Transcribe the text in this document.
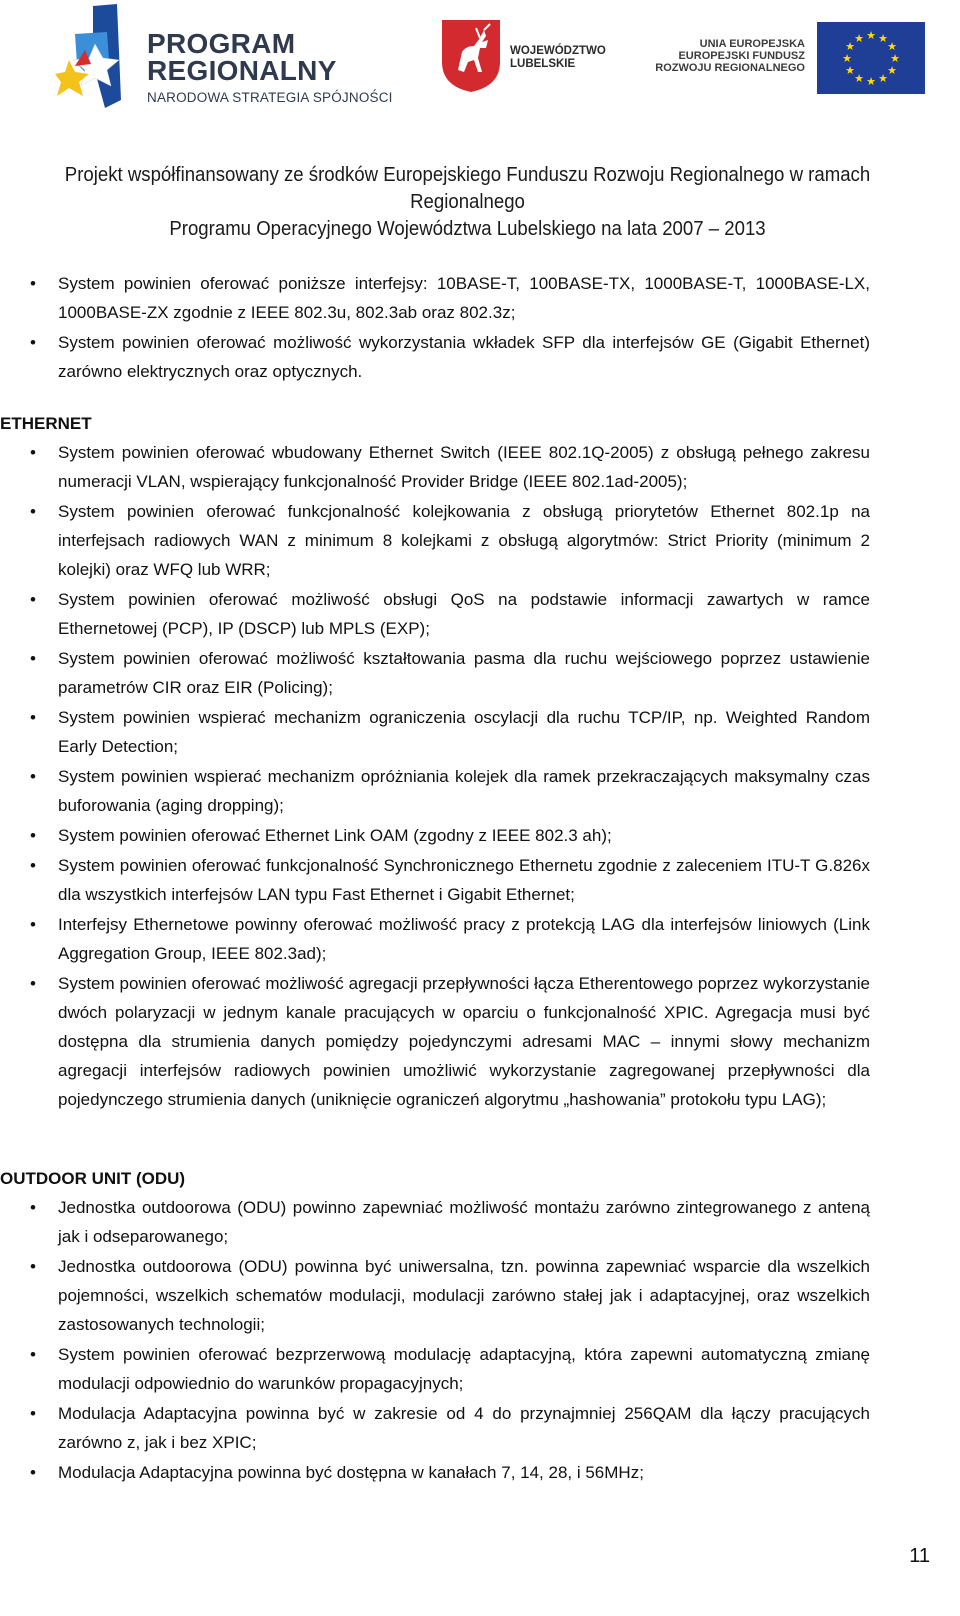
PROGRAM
REGIONALNY
NARODOWA STRATEGIA SPÓJNOŚCI
WOJEWÓDZTWO
LUBELSKIE
UNIA EUROPEJSKA
EUROPEJSKI FUNDUSZ
ROZWOJU REGIONALNEGO
★ ★
★
★
★
★
★
★
★
★
★
★
Projekt współfinansowany ze środków Europejskiego Funduszu Rozwoju Regionalnego w ramach Regionalnego
Programu Operacyjnego Województwa Lubelskiego na lata 2007 – 2013
• System powinien oferować poniższe interfejsy: 10BASE-T, 100BASE-TX, 1000BASE-T, 1000BASE-LX, 1000BASE-ZX zgodnie z IEEE 802.3u, 802.3ab oraz 802.3z;
• System powinien oferować możliwość wykorzystania wkładek SFP dla interfejsów GE (Gigabit Ethernet) zarówno elektrycznych oraz optycznych.
ETHERNET
• System powinien oferować wbudowany Ethernet Switch (IEEE 802.1Q-2005) z obsługą pełnego zakresu numeracji VLAN, wspierający funkcjonalność Provider Bridge (IEEE 802.1ad-2005);
• System powinien oferować funkcjonalność kolejkowania z obsługą priorytetów Ethernet 802.1p na interfejsach radiowych WAN z minimum 8 kolejkami z obsługą algorytmów: Strict Priority (minimum 2 kolejki) oraz WFQ lub WRR;
• System powinien oferować możliwość obsługi QoS na podstawie informacji zawartych w ramce Ethernetowej (PCP), IP (DSCP) lub MPLS (EXP);
• System powinien oferować możliwość kształtowania pasma dla ruchu wejściowego poprzez ustawienie parametrów CIR oraz EIR (Policing);
• System powinien wspierać mechanizm ograniczenia oscylacji dla ruchu TCP/IP, np. Weighted Random Early Detection;
• System powinien wspierać mechanizm opróżniania kolejek dla ramek przekraczających maksymalny czas buforowania (aging dropping);
• System powinien oferować Ethernet Link OAM (zgodny z IEEE 802.3 ah);
• System powinien oferować funkcjonalność Synchronicznego Ethernetu zgodnie z zaleceniem ITU-T G.826x dla wszystkich interfejsów LAN typu Fast Ethernet i Gigabit Ethernet;
• Interfejsy Ethernetowe powinny oferować możliwość pracy z protekcją LAG dla interfejsów liniowych (Link Aggregation Group, IEEE 802.3ad);
• System powinien oferować możliwość agregacji przepływności łącza Etherentowego poprzez wykorzystanie dwóch polaryzacji w jednym kanale pracujących w oparciu o funkcjonalność XPIC. Agregacja musi być dostępna dla strumienia danych pomiędzy pojedynczymi adresami MAC – innymi słowy mechanizm agregacji interfejsów radiowych powinien umożliwić wykorzystanie zagregowanej przepływności dla pojedynczego strumienia danych (uniknięcie ograniczeń algorytmu „hashowania” protokołu typu LAG);
OUTDOOR UNIT (ODU)
• Jednostka outdoorowa (ODU) powinno zapewniać możliwość montażu zarówno zintegrowanego z anteną jak i odseparowanego;
• Jednostka outdoorowa (ODU) powinna być uniwersalna, tzn. powinna zapewniać wsparcie dla wszelkich pojemności, wszelkich schematów modulacji, modulacji zarówno stałej jak i adaptacyjnej, oraz wszelkich zastosowanych technologii;
• System powinien oferować bezprzerwową modulację adaptacyjną, która zapewni automatyczną zmianę modulacji odpowiednio do warunków propagacyjnych;
• Modulacja Adaptacyjna powinna być w zakresie od 4 do przynajmniej 256QAM dla łączy pracujących zarówno z, jak i bez XPIC;
• Modulacja Adaptacyjna powinna być dostępna w kanałach 7, 14, 28, i 56MHz;
11
